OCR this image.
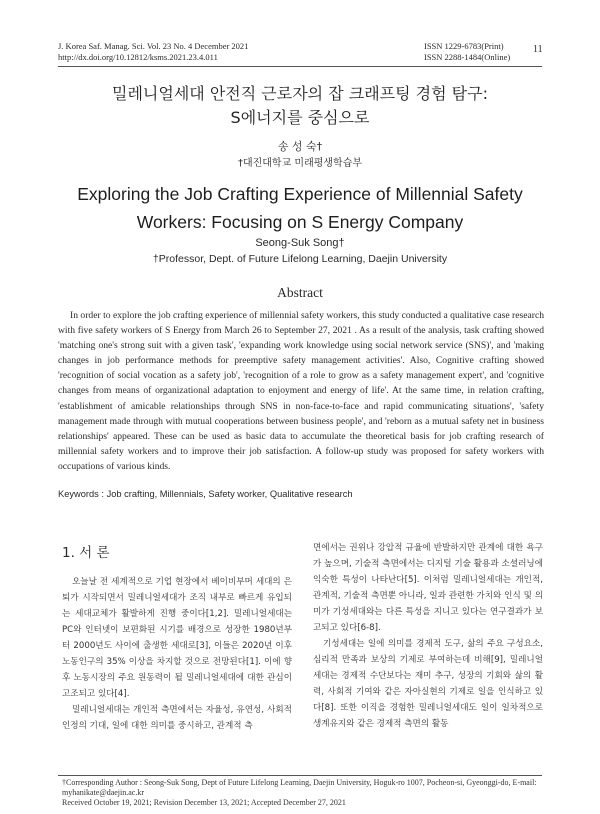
J. Korea Saf. Manag. Sci. Vol. 23 No. 4 December 2021
http://dx.doi.org/10.12812/ksms.2021.23.4.011
ISSN 1229-6783(Print)
ISSN 2288-1484(Online)
11
밀레니얼세대 안전직 근로자의 잡 크래프팅 경험 탐구:
S에너지를 중심으로
송 성 숙†
†대진대학교 미래평생학습부
Exploring the Job Crafting Experience of Millennial Safety
Workers: Focusing on S Energy Company
Seong-Suk Song†
†Professor, Dept. of Future Lifelong Learning, Daejin University
Abstract

In order to explore the job crafting experience of millennial safety workers, this study conducted a qualitative case research with five safety workers of S Energy from March 26 to September 27, 2021 . As a result of the analysis, task crafting showed 'matching one's strong suit with a given task', 'expanding work knowledge using social network service (SNS)', and 'making changes in job performance methods for preemptive safety management activities'. Also, Cognitive crafting showed 'recognition of social vocation as a safety job', 'recognition of a role to grow as a safety management expert', and 'cognitive changes from means of organizational adaptation to enjoyment and energy of life'. At the same time, in relation crafting, 'establishment of amicable relationships through SNS in non-face-to-face and rapid communicating situations', 'safety management made through with mutual cooperations between business people', and 'reborn as a mutual safety net in business relationships' appeared. These can be used as basic data to accumulate the theoretical basis for job crafting research of millennial safety workers and to improve their job satisfaction. A follow-up study was proposed for safety workers with occupations of various kinds.

Keywords : Job crafting, Millennials, Safety worker, Qualitative research
1. 서 론

오늘날 전 세계적으로 기업 현장에서 베이비부머 세대의 은퇴가 시작되면서 밀레니얼세대가 조직 내부로 빠르게 유입되는 세대교체가 활발하게 진행 중이다[1,2]. 밀레니얼세대는 PC와 인터넷이 보편화된 시기를 배경으로 성장한 1980년부터 2000년도 사이에 출생한 세대로[3], 이들은 2020년 이후 노동인구의 35% 이상을 차지할 것으로 전망된다[1]. 이에 향후 노동시장의 주요 원동력이 될 밀레니얼세대에 대한 관심이 고조되고 있다[4].

밀레니얼세대는 개인적 측면에서는 자율성, 유연성, 사회적 인정의 기대, 일에 대한 의미를 중시하고, 관계적 측

면에서는 권위나 강압적 규율에 반발하지만 관계에 대한 욕구가 높으며, 기술적 측면에서는 디지털 기술 활용과 소셜러닝에 익숙한 특성이 나타난다[5]. 이처럼 밀레니얼세대는 개인적, 관계적, 기술적 측면뿐 아니라, 일과 관련한 가치와 인식 및 의미가 기성세대와는 다른 특성을 지니고 있다는 연구결과가 보고되고 있다[6-8].

기성세대는 일에 의미를 경제적 도구, 삶의 주요 구성요소, 심리적 만족과 보상의 기제로 부여하는데 비해[9], 밀레니얼세대는 경제적 수단보다는 재미 추구, 성장의 기회와 삶의 활력, 사회적 기여와 같은 자아실현의 기제로 일을 인식하고 있다[8]. 또한 이직을 경험한 밀레니얼세대도 일이 일차적으로 생계유지와 같은 경제적 측면의 활동

†Corresponding Author : Seong-Suk Song, Dept of Future Lifelong Learning, Daejin University, Hoguk-ro 1007, Pocheon-si, Gyeonggi-do, E-mail: myhanikate@daejin.ac.kr
Received October 19, 2021; Revision December 13, 2021; Accepted December 27, 2021
